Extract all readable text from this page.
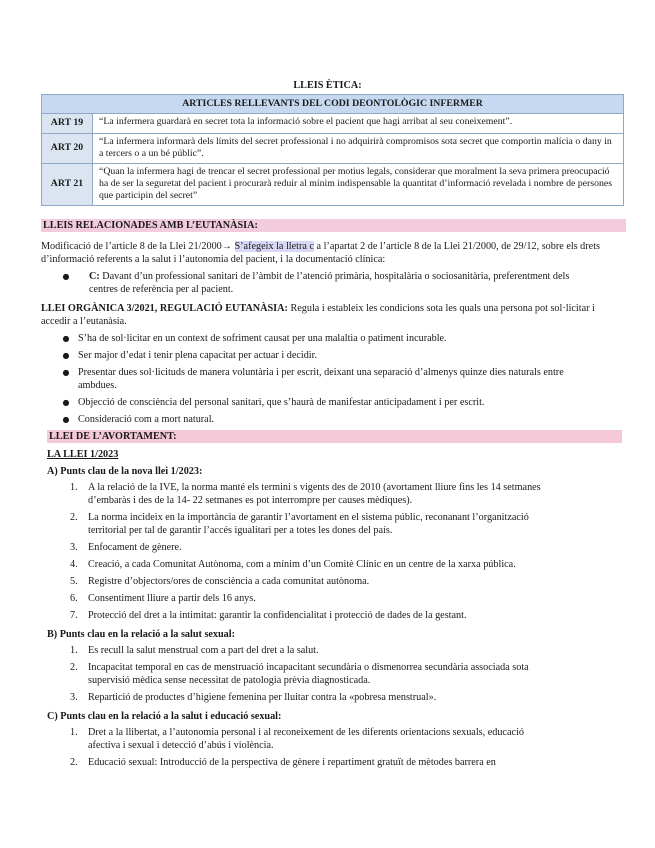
LLEIS ÈTICA:
ARTICLES RELLEVANTS DEL CODI DEONTOLÒGIC INFERMER	
ART 19	“La infermera guardarà en secret tota la informació sobre el pacient que hagi arribat al seu coneixement”.
ART 20	“La infermera informarà dels límits del secret professional i no adquirirà compromisos sota secret que comportin malícia o dany in a tercers o a un bé públic”.
ART 21	“Quan la infermera hagi de trencar el secret professional per motius legals, considerar que moralment la seva primera preocupació ha de ser la seguretat del pacient i procurarà reduir al mínim indispensable la quantitat d’informació revelada i nombre de persones que participin del secret”
LLEIS RELACIONADES AMB L’EUTANÀSIA:
Modificació de l’article 8 de la Llei 21/2000→ S’afegeix la lletra c a l’apartat 2 de l’article 8 de la Llei 21/2000, de 29/12, sobre els drets d’informació referents a la salut i l’autonomia del pacient, i la documentació clínica:
● C: Davant d’un professional sanitari de l’àmbit de l’atenció primària, hospitalària o sociosanitària, preferentment dels centres de referència per al pacient.
LLEI ORGÀNICA 3/2021, REGULACIÓ EUTANÀSIA: Regula i estableix les condicions sota les quals una persona pot sol·licitar i accedir a l’eutanàsia.
● S’ha de sol·licitar en un context de sofriment causat per una malaltia o patiment incurable.
● Ser major d’edat i tenir plena capacitat per actuar i decidir.
● Presentar dues sol·licituds de manera voluntària i per escrit, deixant una separació d’almenys quinze dies naturals entre ambdues.
● Objecció de consciència del personal sanitari, que s’haurà de manifestar anticipadament i per escrit.
● Consideració com a mort natural.
LLEI DE L’AVORTAMENT:
LA LLEI 1/2023
A) Punts clau de la nova llei 1/2023:
1. A la relació de la IVE, la norma manté els termini s vigents des de 2010 (avortament lliure fins les 14 setmanes d’embaràs i des de la 14- 22 setmanes es pot interrompre per causes mèdiques).
2. La norma incideix en la importància de garantir l’avortament en el sistema públic, reconanant l’organització territorial per tal de garantir l’accés igualitari per a totes les dones del país.
3. Enfocament de gènere.
4. Creació, a cada Comunitat Autònoma, com a mínim d’un Comitè Clínic en un centre de la xarxa pública.
5. Registre d’objectors/ores de consciència a cada comunitat autònoma.
6. Consentiment lliure a partir dels 16 anys.
7. Protecció del dret a la intimitat: garantir la confidencialitat i protecció de dades de la gestant.
B) Punts clau en la relació a la salut sexual:
1. Es recull la salut menstrual com a part del dret a la salut.
2. Incapacitat temporal en cas de menstruació incapacitant secundària o dismenorrea secundària associada sota supervisió mèdica sense necessitat de patologia prèvia diagnosticada.
3. Repartició de productes d’higiene femenina per lluitar contra la «pobresa menstrual».
C) Punts clau en la relació a la salut i educació sexual:
1. Dret a la llibertat, a l’autonomia personal i al reconeixement de les diferents orientacions sexuals, educació afectiva i sexual i detecció d’abús i violència.
2. Educació sexual: Introducció de la perspectiva de gènere i repartiment gratuït de mètodes barrera en
